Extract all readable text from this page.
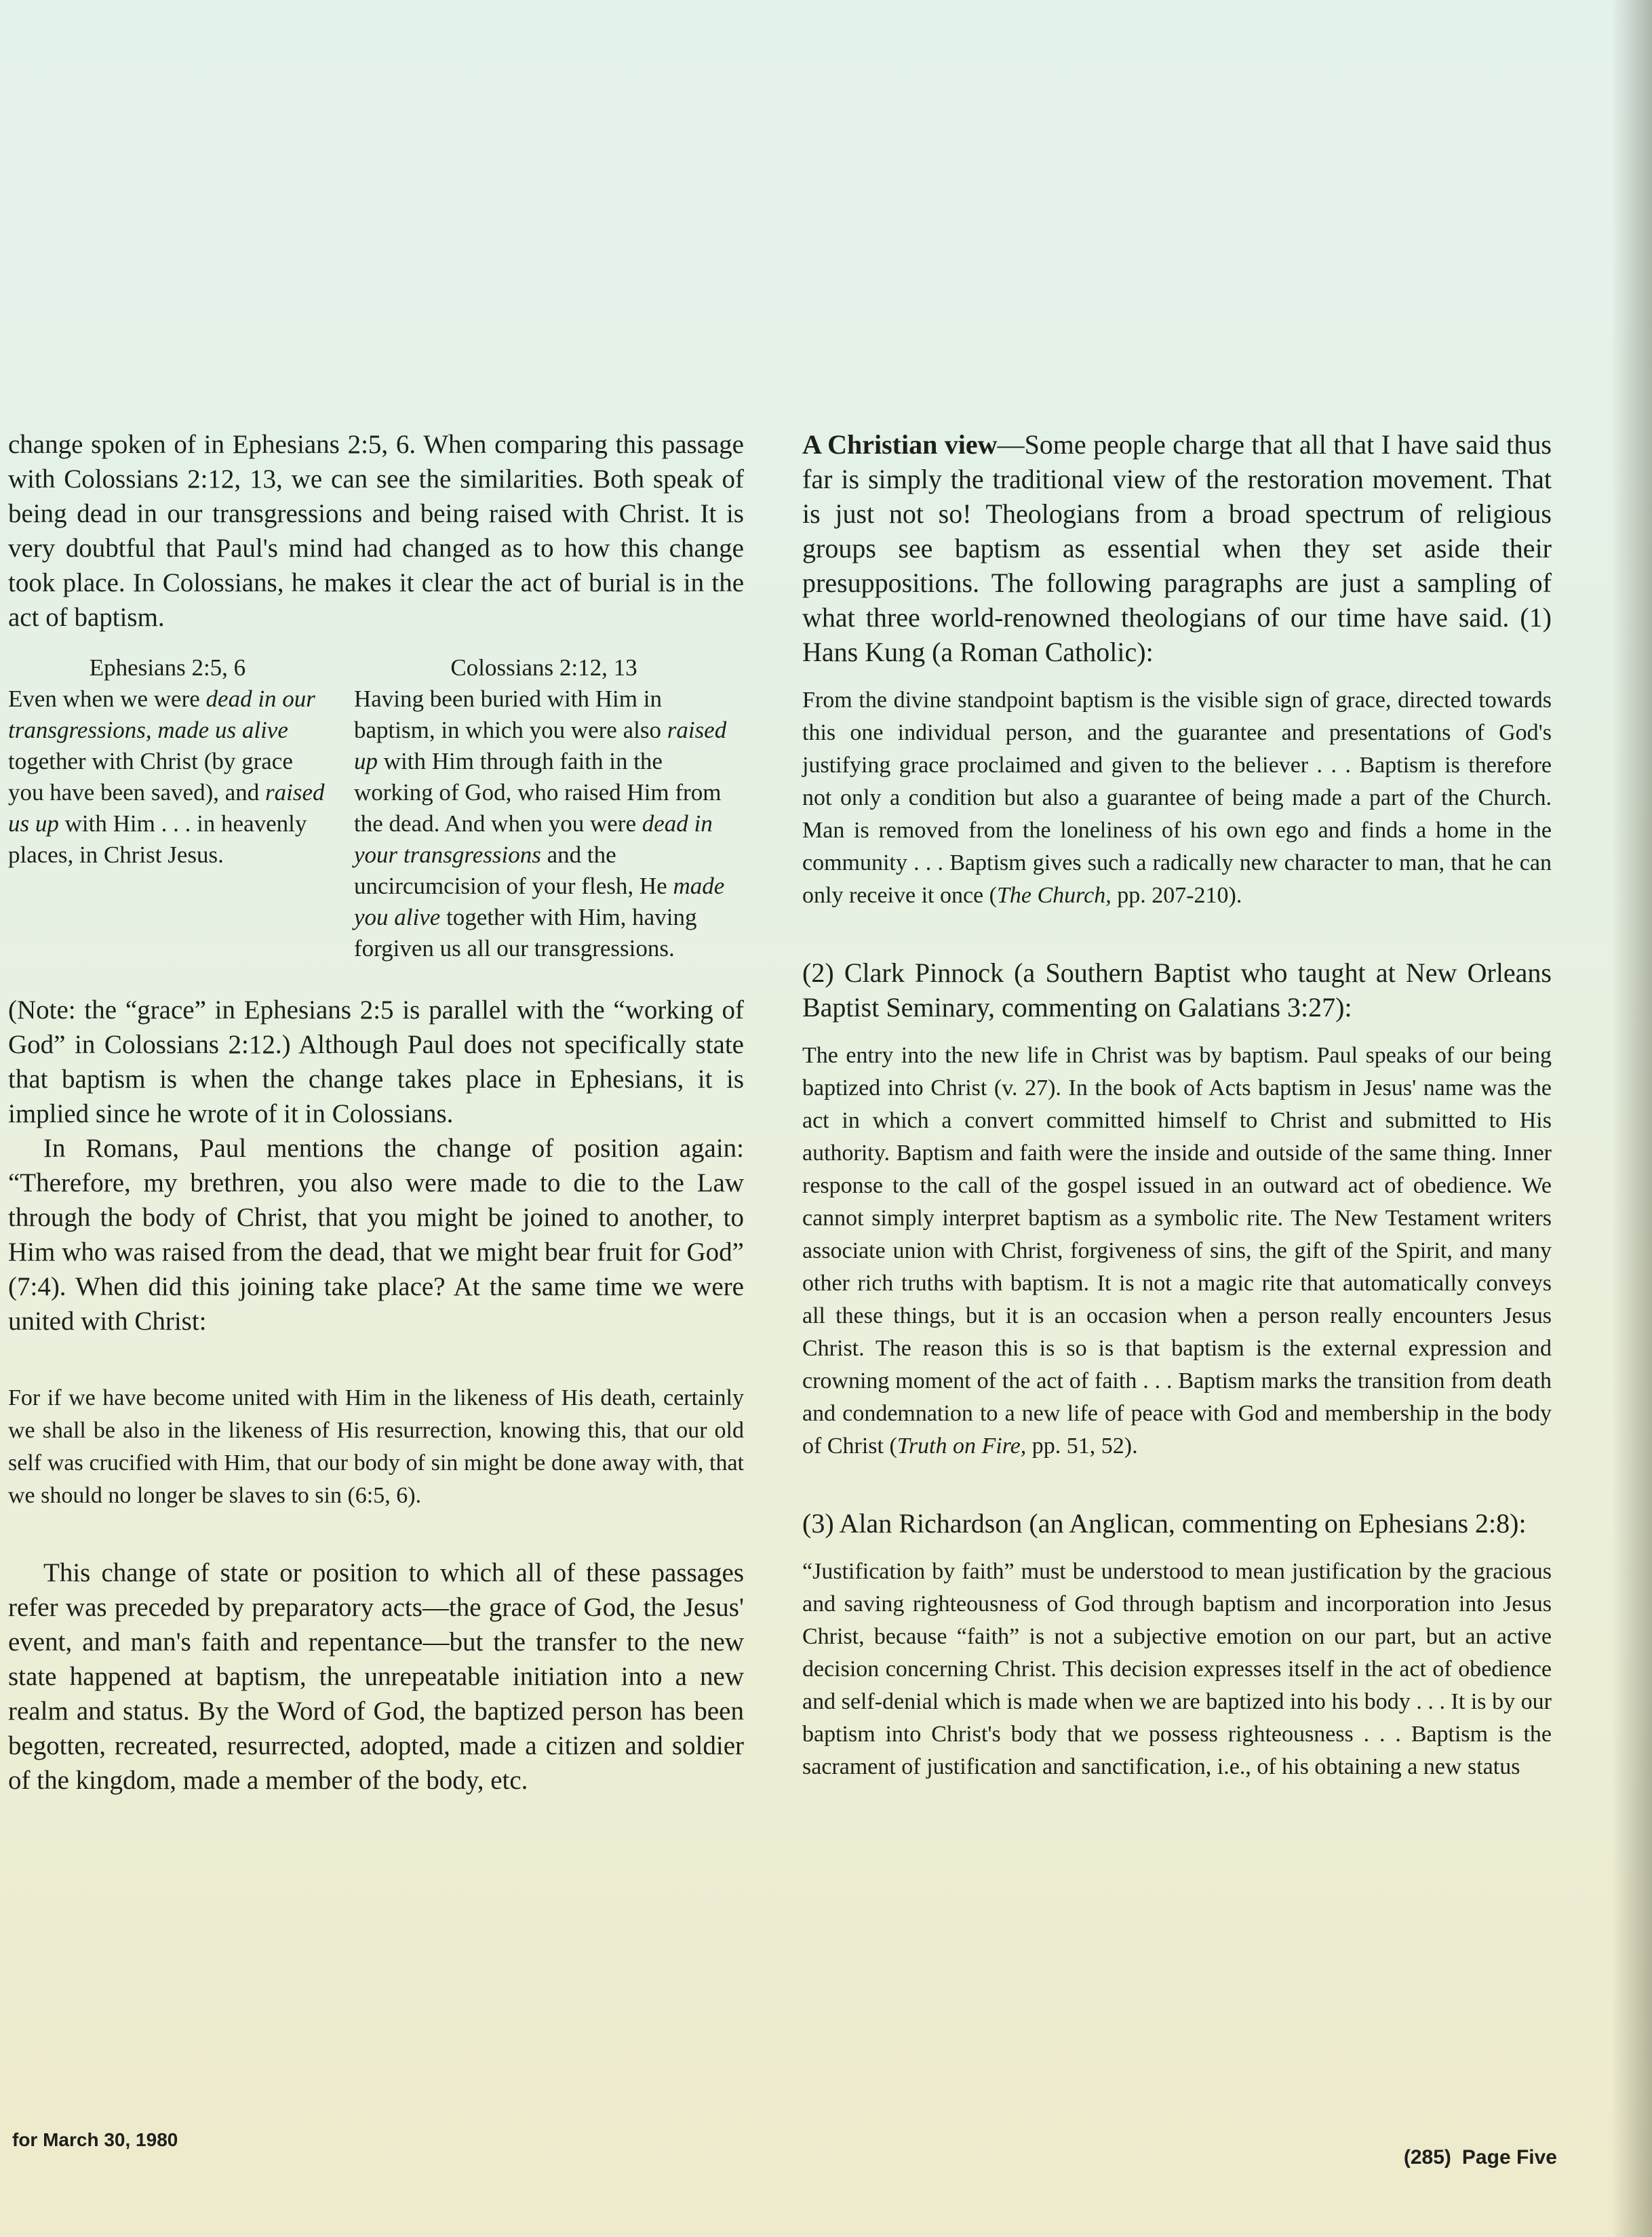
change spoken of in Ephesians 2:5, 6. When comparing this passage with Colossians 2:12, 13, we can see the similarities. Both speak of being dead in our transgressions and being raised with Christ. It is very doubtful that Paul's mind had changed as to how this change took place. In Colossians, he makes it clear the act of burial is in the act of baptism.

Ephesians 2:5, 6
Even when we were dead in our transgressions, made us alive together with Christ (by grace you have been saved), and raised us up with Him . . . in heavenly places, in Christ Jesus.
Colossians 2:12, 13
Having been buried with Him in baptism, in which you were also raised up with Him through faith in the working of God, who raised Him from the dead. And when you were dead in your transgressions and the uncircumcision of your flesh, He made you alive together with Him, having forgiven us all our transgressions.

(Note: the “grace” in Ephesians 2:5 is parallel with the “working of God” in Colossians 2:12.) Although Paul does not specifically state that baptism is when the change takes place in Ephesians, it is implied since he wrote of it in Colossians.

In Romans, Paul mentions the change of position again: “Therefore, my brethren, you also were made to die to the Law through the body of Christ, that you might be joined to another, to Him who was raised from the dead, that we might bear fruit for God” (7:4). When did this joining take place? At the same time we were united with Christ:

For if we have become united with Him in the likeness of His death, certainly we shall be also in the likeness of His resurrection, knowing this, that our old self was crucified with Him, that our body of sin might be done away with, that we should no longer be slaves to sin (6:5, 6).

This change of state or position to which all of these passages refer was preceded by preparatory acts—the grace of God, the Jesus' event, and man's faith and repentance—but the transfer to the new state happened at baptism, the unrepeatable initiation into a new realm and status. By the Word of God, the baptized person has been begotten, recreated, resurrected, adopted, made a citizen and soldier of the kingdom, made a member of the body, etc.

A Christian view—Some people charge that all that I have said thus far is simply the traditional view of the restoration movement. That is just not so! Theologians from a broad spectrum of religious groups see baptism as essential when they set aside their presuppositions. The following paragraphs are just a sampling of what three world-renowned theologians of our time have said. (1) Hans Kung (a Roman Catholic):

From the divine standpoint baptism is the visible sign of grace, directed towards this one individual person, and the guarantee and presentations of God's justifying grace proclaimed and given to the believer . . . Baptism is therefore not only a condition but also a guarantee of being made a part of the Church. Man is removed from the loneliness of his own ego and finds a home in the community . . . Baptism gives such a radically new character to man, that he can only receive it once (The Church, pp. 207-210).

(2) Clark Pinnock (a Southern Baptist who taught at New Orleans Baptist Seminary, commenting on Galatians 3:27):

The entry into the new life in Christ was by baptism. Paul speaks of our being baptized into Christ (v. 27). In the book of Acts baptism in Jesus' name was the act in which a convert committed himself to Christ and submitted to His authority. Baptism and faith were the inside and outside of the same thing. Inner response to the call of the gospel issued in an outward act of obedience. We cannot simply interpret baptism as a symbolic rite. The New Testament writers associate union with Christ, forgiveness of sins, the gift of the Spirit, and many other rich truths with baptism. It is not a magic rite that automatically conveys all these things, but it is an occasion when a person really encounters Jesus Christ. The reason this is so is that baptism is the external expression and crowning moment of the act of faith . . . Baptism marks the transition from death and condemnation to a new life of peace with God and membership in the body of Christ (Truth on Fire, pp. 51, 52).

(3) Alan Richardson (an Anglican, commenting on Ephesians 2:8):

“Justification by faith” must be understood to mean justification by the gracious and saving righteousness of God through baptism and incorporation into Jesus Christ, because “faith” is not a subjective emotion on our part, but an active decision concerning Christ. This decision expresses itself in the act of obedience and self-denial which is made when we are baptized into his body . . . It is by our baptism into Christ's body that we possess righteousness . . . Baptism is the sacrament of justification and sanctification, i.e., of his obtaining a new status

for March 30, 1980
(285) Page Five
